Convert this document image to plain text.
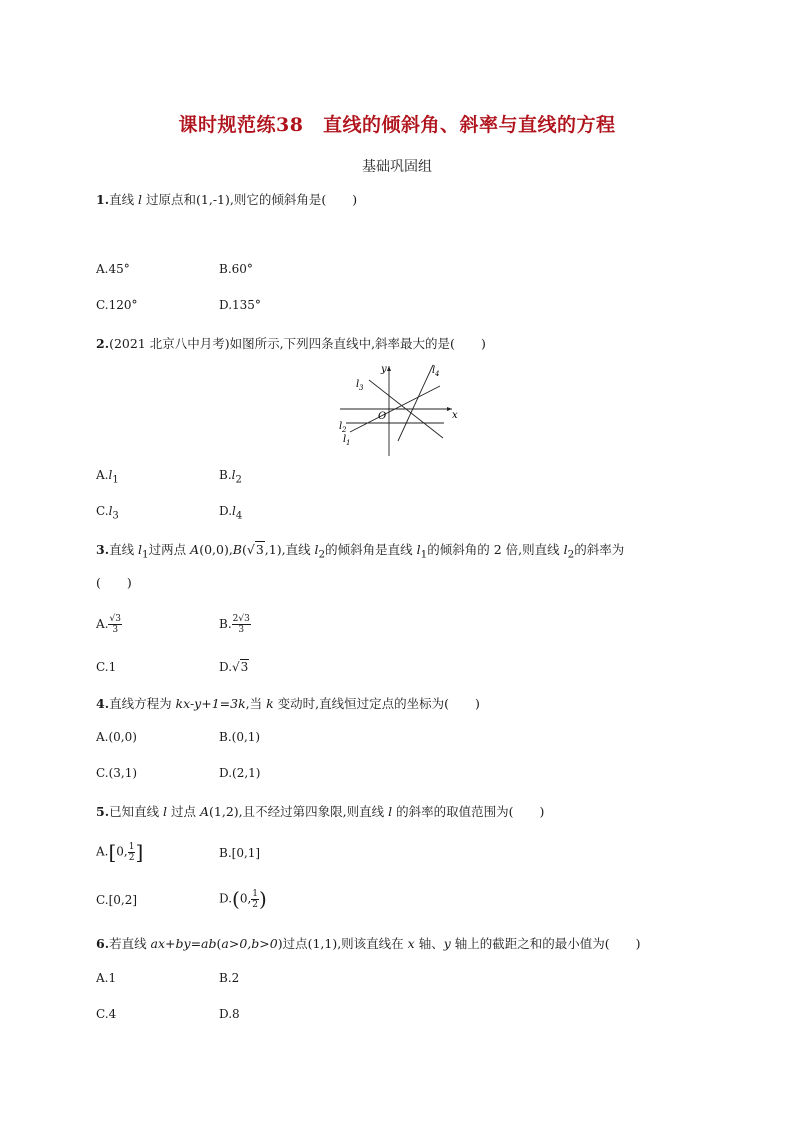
课时规范练38　直线的倾斜角、斜率与直线的方程
基础巩固组
1.直线 l 过原点和(1,-1),则它的倾斜角是( )
A.45°	B.60°
C.120°	D.135°
2.(2021 北京八中月考)如图所示,下列四条直线中,斜率最大的是( )
y
x
O
l 3
l 4
l 2
l 1
$A.l_1$	$B.l_2$
$C.l_3$	$D.l_4$
3.直线 $l_1$过两点 A(0,0),B(√3,1),直线 $l_2$的倾斜角是直线 $l_1$的倾斜角的 2 倍,则直线 $l_2$的斜率为
( )
A. $\frac{√3}{3}$	B. $\frac{2√3}{3}$
C.1	D.√3
4.直线方程为 kx-y+1=3k,当 k 变动时,直线恒过定点的坐标为( )
A.(0,0)	B.(0,1)
C.(3,1)	D.(2,1)
5.已知直线 l 过点 A(1,2),且不经过第四象限,则直线 l 的斜率的取值范围为( )
A.[0, $\frac{1}{2}$ ]	B.[0,1]
C.[0,2]	D.(0, $\frac{1}{2}$ )
6.若直线 ax+by=ab(a>0,b>0)过点(1,1),则该直线在 x 轴、y 轴上的截距之和的最小值为( )
A.1	B.2
C.4	D.8
